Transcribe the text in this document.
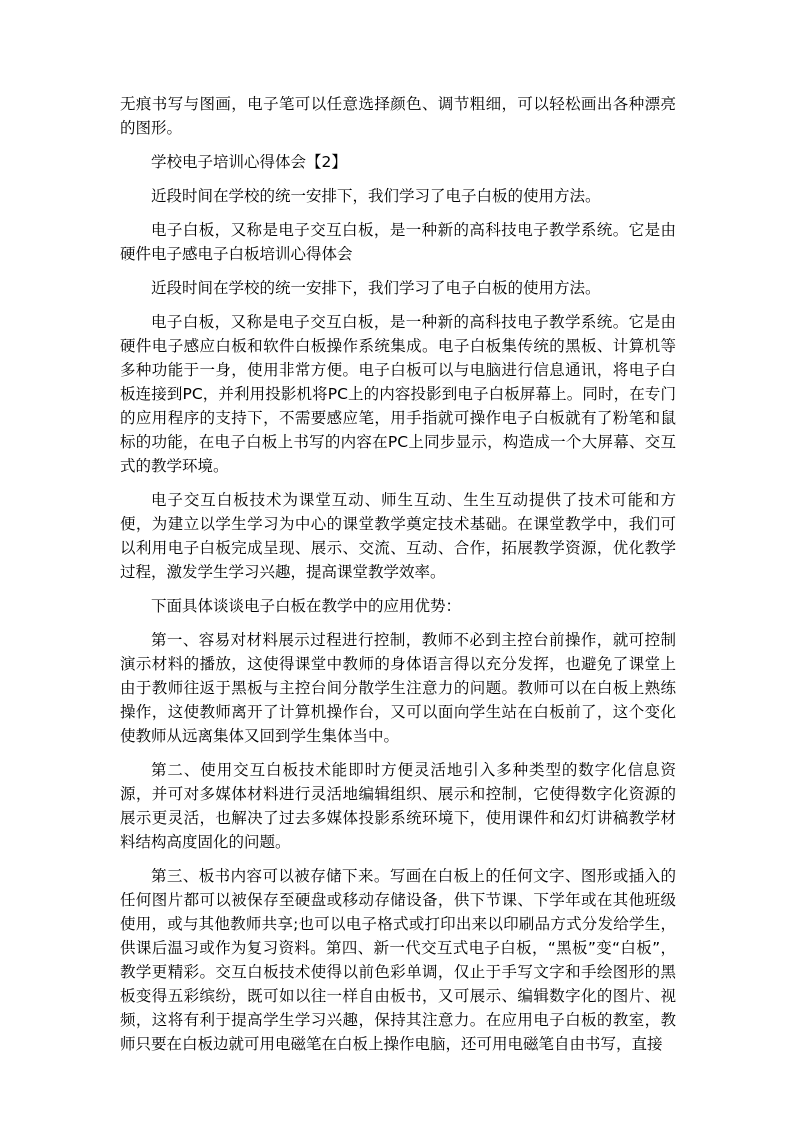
无痕书写与图画，电子笔可以任意选择颜色、调节粗细，可以轻松画出各种漂亮的图形。

学校电子培训心得体会【2】

近段时间在学校的统一安排下，我们学习了电子白板的使用方法。

电子白板，又称是电子交互白板，是一种新的高科技电子教学系统。它是由硬件电子感电子白板培训心得体会

近段时间在学校的统一安排下，我们学习了电子白板的使用方法。

电子白板，又称是电子交互白板，是一种新的高科技电子教学系统。它是由硬件电子感应白板和软件白板操作系统集成。电子白板集传统的黑板、计算机等多种功能于一身，使用非常方便。电子白板可以与电脑进行信息通讯，将电子白板连接到PC，并利用投影机将PC上的内容投影到电子白板屏幕上。同时，在专门的应用程序的支持下，不需要感应笔，用手指就可操作电子白板就有了粉笔和鼠标的功能，在电子白板上书写的内容在PC上同步显示，构造成一个大屏幕、交互式的教学环境。

电子交互白板技术为课堂互动、师生互动、生生互动提供了技术可能和方便，为建立以学生学习为中心的课堂教学奠定技术基础。在课堂教学中，我们可以利用电子白板完成呈现、展示、交流、互动、合作，拓展教学资源，优化教学过程，激发学生学习兴趣，提高课堂教学效率。

下面具体谈谈电子白板在教学中的应用优势：

第一、容易对材料展示过程进行控制，教师不必到主控台前操作，就可控制演示材料的播放，这使得课堂中教师的身体语言得以充分发挥，也避免了课堂上由于教师往返于黑板与主控台间分散学生注意力的问题。教师可以在白板上熟练操作，这使教师离开了计算机操作台，又可以面向学生站在白板前了，这个变化使教师从远离集体又回到学生集体当中。

第二、使用交互白板技术能即时方便灵活地引入多种类型的数字化信息资源，并可对多媒体材料进行灵活地编辑组织、展示和控制，它使得数字化资源的展示更灵活，也解决了过去多媒体投影系统环境下，使用课件和幻灯讲稿教学材料结构高度固化的问题。

第三、板书内容可以被存储下来。写画在白板上的任何文字、图形或插入的任何图片都可以被保存至硬盘或移动存储设备，供下节课、下学年或在其他班级使用，或与其他教师共享;也可以电子格式或打印出来以印刷品方式分发给学生，供课后温习或作为复习资料。第四、新一代交互式电子白板，“黑板”变“白板”，教学更精彩。交互白板技术使得以前色彩单调，仅止于手写文字和手绘图形的黑板变得五彩缤纷，既可如以往一样自由板书，又可展示、编辑数字化的图片、视频，这将有利于提高学生学习兴趣，保持其注意力。在应用电子白板的教室，教师只要在白板边就可用电磁笔在白板上操作电脑，还可用电磁笔自由书写，直接
